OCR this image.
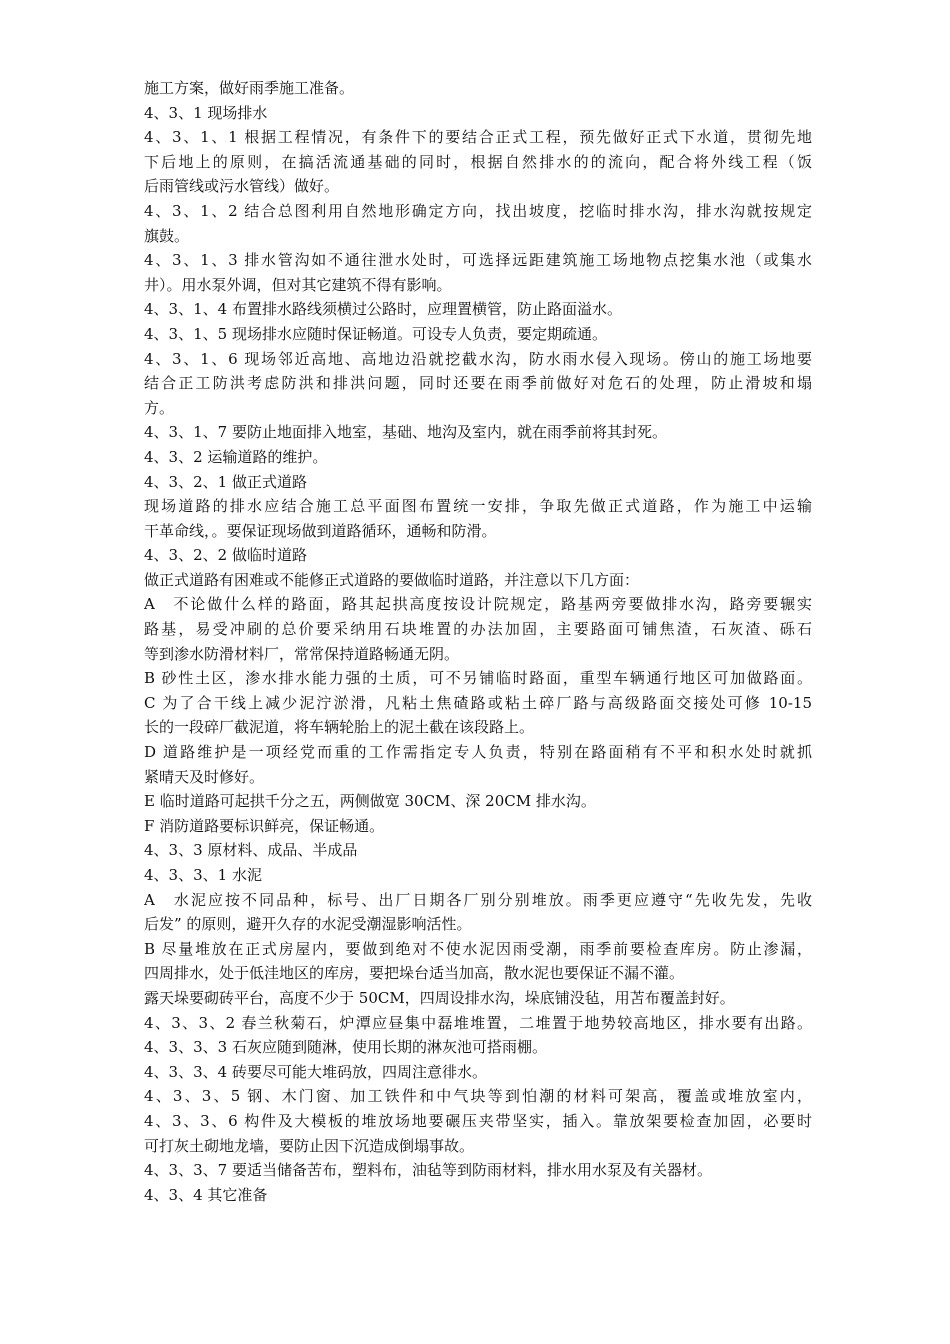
施工方案，做好雨季施工准备。
4、3、1 现场排水
4、3、1、1 根据工程情况，有条件下的要结合正式工程，预先做好正式下水道，贯彻先地
下后地上的原则，在搞活流通基础的同时，根据自然排水的的流向，配合将外线工程（饭
后雨管线或污水管线）做好。
4、3、1、2 结合总图利用自然地形确定方向，找出坡度，挖临时排水沟，排水沟就按规定
旗鼓。
4、3、1、3 排水管沟如不通往泄水处时，可选择远距建筑施工场地物点挖集水池（或集水
井）。用水泵外调，但对其它建筑不得有影响。
4、3、1、4 布置排水路线须横过公路时，应理置横管，防止路面溢水。
4、3、1、5 现场排水应随时保证畅道。可设专人负责，要定期疏通。
4、3、1、6 现场邻近高地、高地边沿就挖截水沟，防水雨水侵入现场。傍山的施工场地要
结合正工防洪考虑防洪和排洪问题，同时还要在雨季前做好对危石的处理，防止滑坡和塌
方。
4、3、1、7 要防止地面排入地室，基础、地沟及室内，就在雨季前将其封死。
4、3、2 运输道路的维护。
4、3、2、1 做正式道路
现场道路的排水应结合施工总平面图布置统一安排，争取先做正式道路，作为施工中运输
干革命线，。要保证现场做到道路循环，通畅和防滑。
4、3、2、2 做临时道路
做正式道路有困难或不能修正式道路的要做临时道路，并注意以下几方面：
A　不论做什么样的路面，路其起拱高度按设计院规定，路基两旁要做排水沟，路旁要辗实
路基，易受冲刷的总价要采纳用石块堆置的办法加固，主要路面可铺焦渣，石灰渣、砾石
等到渗水防滑材料厂，常常保持道路畅通无阴。
B 砂性土区，渗水排水能力强的土质，可不另铺临时路面，重型车辆通行地区可加做路面。
C 为了合干线上减少泥泞淤滑，凡粘土焦碴路或粘土碎厂路与高级路面交接处可修 10-15
长的一段碎厂截泥道，将车辆轮胎上的泥土截在该段路上。
D 道路维护是一项经党而重的工作需指定专人负责，特别在路面稍有不平和积水处时就抓
紧晴天及时修好。
E 临时道路可起拱千分之五，两侧做宽 30CM、深 20CM 排水沟。
F 消防道路要标识鲜亮，保证畅通。
4、3、3 原材料、成品、半成品
4、3、3、1 水泥
A　水泥应按不同品种，标号、出厂日期各厂别分别堆放。雨季更应遵守“先收先发，先收
后发” 的原则，避开久存的水泥受潮湿影响活性。
B 尽量堆放在正式房屋内，要做到绝对不使水泥因雨受潮，雨季前要检查库房。防止渗漏，
四周排水，处于低洼地区的库房，要把垛台适当加高，散水泥也要保证不漏不灌。
露天垛要砌砖平台，高度不少于 50CM，四周设排水沟，垛底铺没毡，用苫布覆盖封好。
4、3、3、2 春兰秋菊石，炉潭应昼集中磊堆堆置，二堆置于地势较高地区，排水要有出路。
4、3、3、3 石灰应随到随淋，使用长期的淋灰池可搭雨棚。
4、3、3、4 砖要尽可能大堆码放，四周注意徘水。
4、3、3、5 钢、木门窗、加工铁件和中气块等到怕潮的材料可架高，覆盖或堆放室内，
4、3、3、6 构件及大模板的堆放场地要碾压夹带坚实，插入。靠放架要检查加固，必要时
可打灰土砌地龙墙，要防止因下沉造成倒塌事故。
4、3、3、7 要适当储备苦布，塑料布，油毡等到防雨材料，排水用水泵及有关器材。
4、3、4 其它准备
